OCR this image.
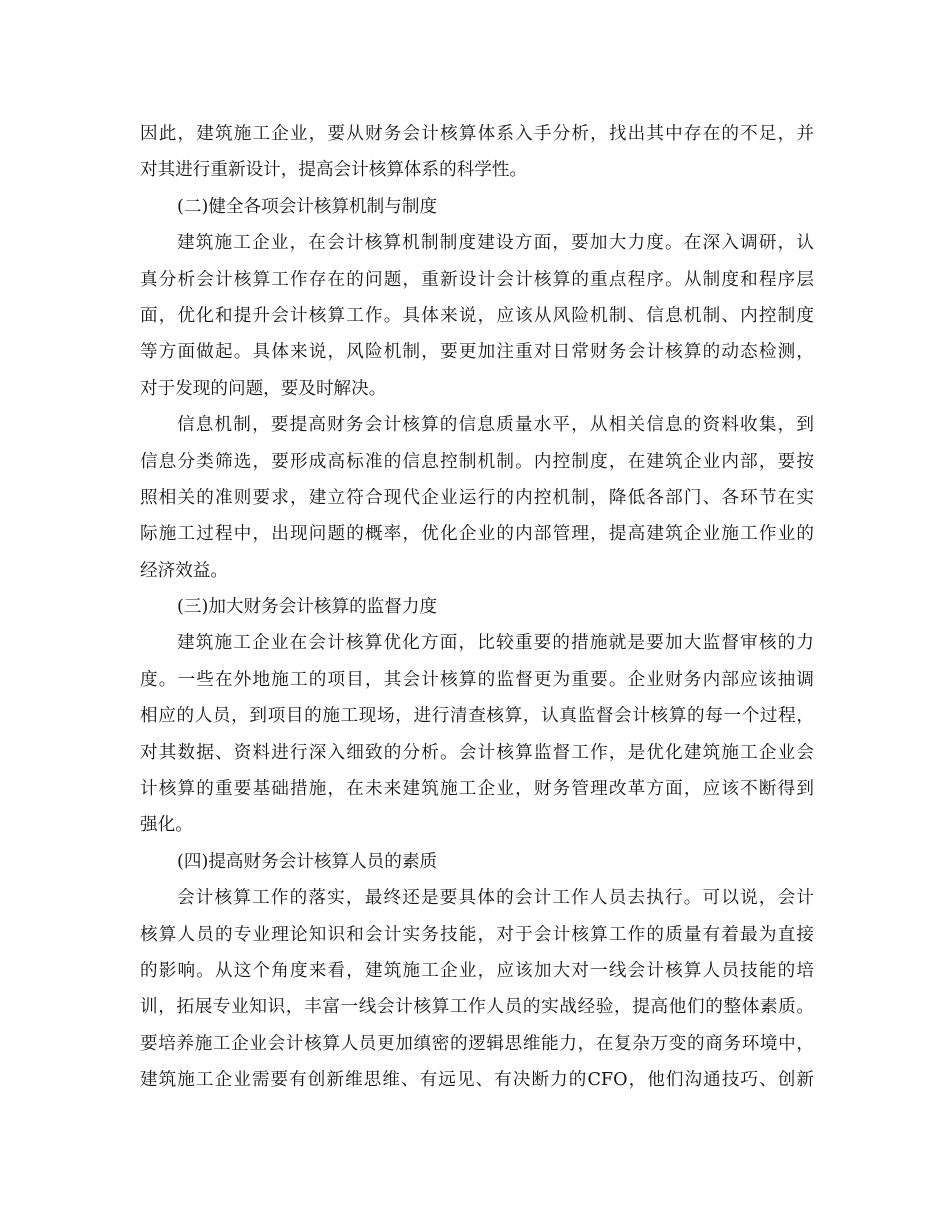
因此，建筑施工企业，要从财务会计核算体系入手分析，找出其中存在的不足，并
对其进行重新设计，提高会计核算体系的科学性。
(二)健全各项会计核算机制与制度
建筑施工企业，在会计核算机制制度建设方面，要加大力度。在深入调研，认
真分析会计核算工作存在的问题，重新设计会计核算的重点程序。从制度和程序层
面，优化和提升会计核算工作。具体来说，应该从风险机制、信息机制、内控制度
等方面做起。具体来说，风险机制，要更加注重对日常财务会计核算的动态检测，
对于发现的问题，要及时解决。
信息机制，要提高财务会计核算的信息质量水平，从相关信息的资料收集，到
信息分类筛选，要形成高标准的信息控制机制。内控制度，在建筑企业内部，要按
照相关的准则要求，建立符合现代企业运行的内控机制，降低各部门、各环节在实
际施工过程中，出现问题的概率，优化企业的内部管理，提高建筑企业施工作业的
经济效益。
(三)加大财务会计核算的监督力度
建筑施工企业在会计核算优化方面，比较重要的措施就是要加大监督审核的力
度。一些在外地施工的项目，其会计核算的监督更为重要。企业财务内部应该抽调
相应的人员，到项目的施工现场，进行清查核算，认真监督会计核算的每一个过程，
对其数据、资料进行深入细致的分析。会计核算监督工作，是优化建筑施工企业会
计核算的重要基础措施，在未来建筑施工企业，财务管理改革方面，应该不断得到
强化。
(四)提高财务会计核算人员的素质
会计核算工作的落实，最终还是要具体的会计工作人员去执行。可以说，会计
核算人员的专业理论知识和会计实务技能，对于会计核算工作的质量有着最为直接
的影响。从这个角度来看，建筑施工企业，应该加大对一线会计核算人员技能的培
训，拓展专业知识，丰富一线会计核算工作人员的实战经验，提高他们的整体素质。
要培养施工企业会计核算人员更加缜密的逻辑思维能力，在复杂万变的商务环境中，
建筑施工企业需要有创新维思维、有远见、有决断力的CFO，他们沟通技巧、创新
